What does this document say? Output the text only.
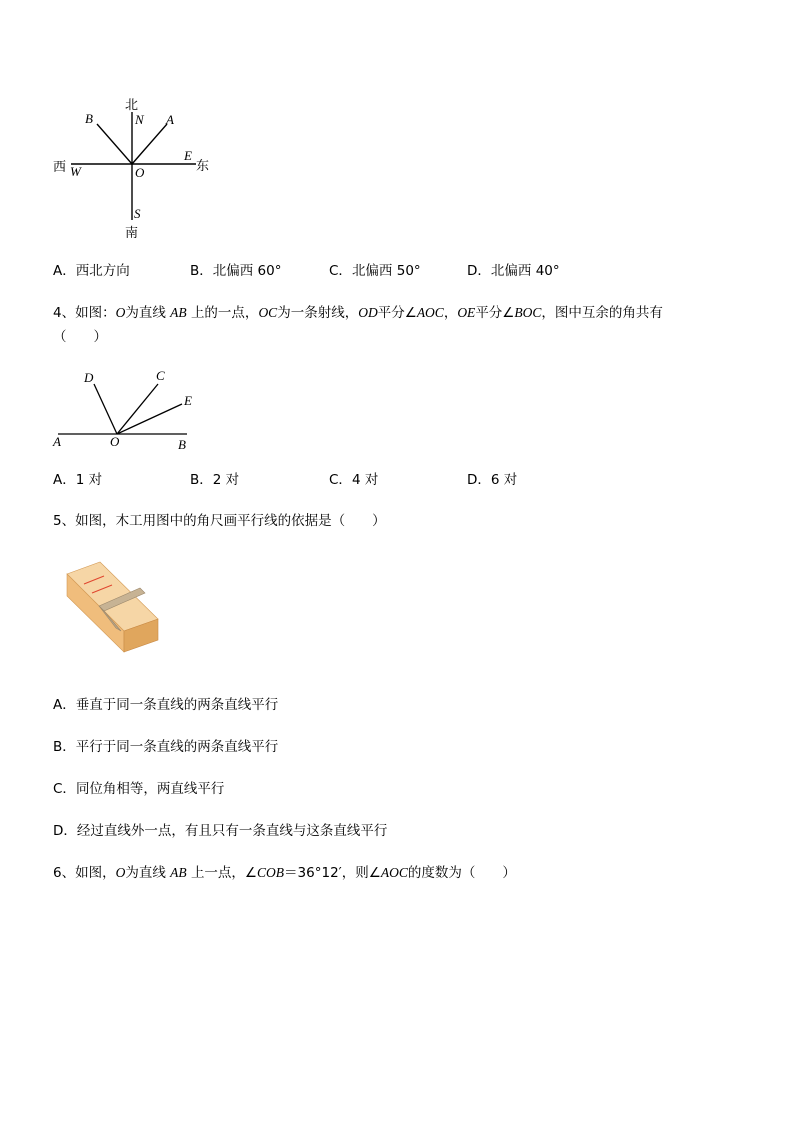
北
N A
B
西 W	O
E
东
S
南
A．西北方向	B．北偏西 60°	C．北偏西 50°	D．北偏西 40°
4、如图：O为直线 AB 上的一点，OC为一条射线，OD平分∠AOC，OE平分∠BOC，图中互余的角共有
（　　）
D	C
E
A	O	B
A．1 对	B．2 对	C．4 对	D．6 对
5、如图，木工用图中的角尺画平行线的依据是（　　）
A．垂直于同一条直线的两条直线平行
B．平行于同一条直线的两条直线平行
C．同位角相等，两直线平行
D．经过直线外一点，有且只有一条直线与这条直线平行
6、如图，O为直线 AB 上一点，∠COB＝36°12′，则∠AOC的度数为（　　）
